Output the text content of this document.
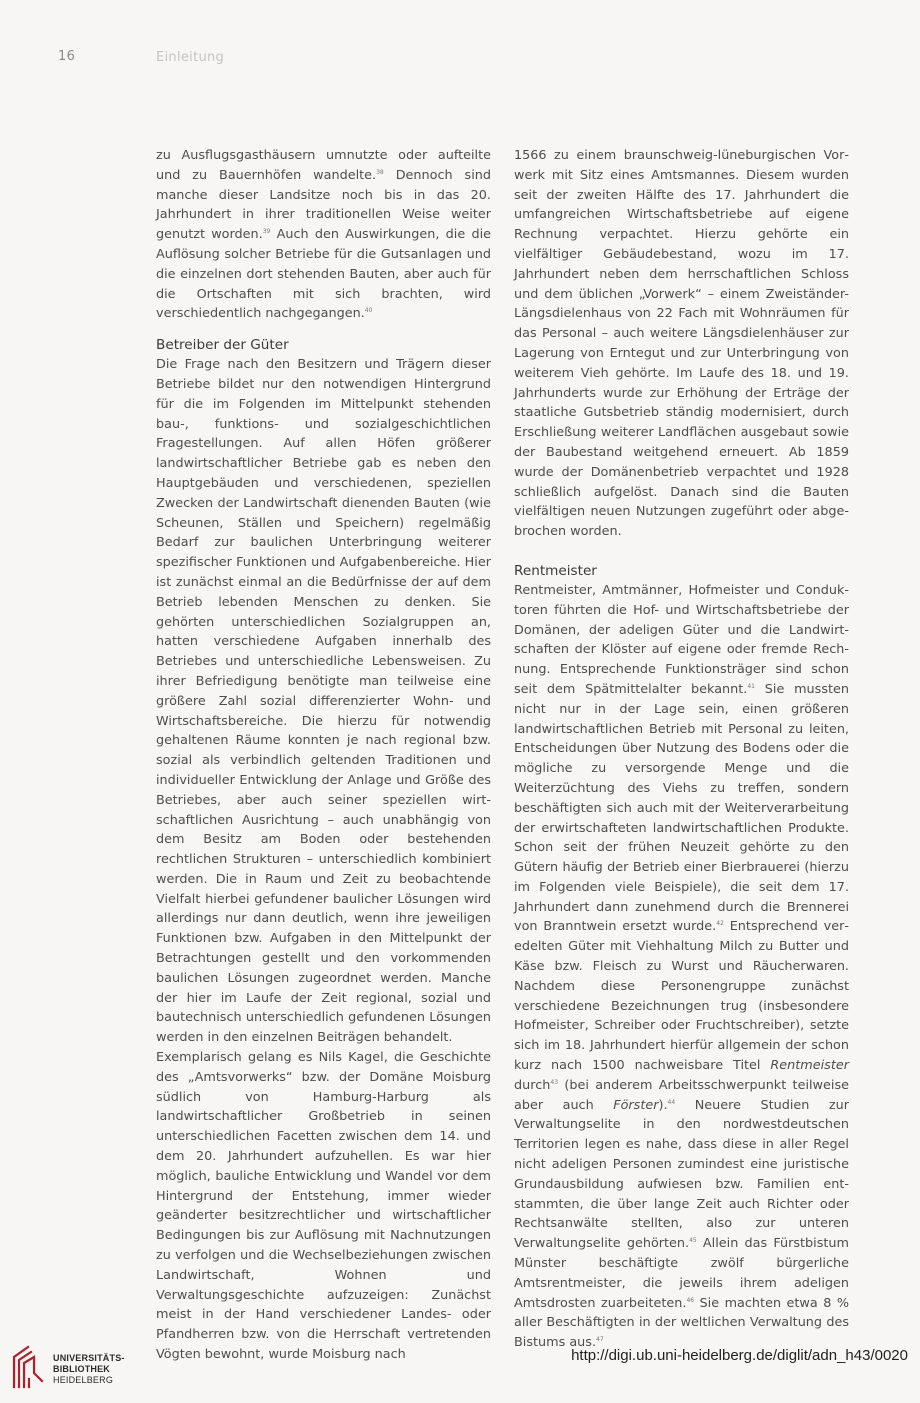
16	Einleitung

zu Ausflugsgasthäusern umnutzte oder aufteilte und zu Bauernhöfen wandelte.$^{38}$ Dennoch sind manche dieser Landsitze noch bis in das 20. Jahrhundert in ihrer traditionellen Weise weiter genutzt worden.$^{39}$ Auch den Auswirkungen, die die Auflösung solcher Betriebe für die Gutsanlagen und die einzelnen dort stehenden Bauten, aber auch für die Ortschaften mit sich brachten, wird verschiedentlich nachgegangen.$^{40}$

Betreiber der Güter

Die Frage nach den Besitzern und Trägern dieser Betriebe bildet nur den notwendigen Hintergrund für die im Folgenden im Mittelpunkt stehenden bau-, funktions- und sozialgeschichtlichen Fragestellungen. Auf allen Höfen größerer landwirtschaftlicher Betriebe gab es neben den Hauptgebäuden und verschiedenen, speziellen Zwecken der Landwirtschaft dienenden Bauten (wie Scheunen, Ställen und Speichern) regelmäßig Bedarf zur baulichen Unterbringung weiterer spezifischer Funktionen und Aufgabenbereiche. Hier ist zunächst einmal an die Bedürfnisse der auf dem Betrieb lebenden Menschen zu denken. Sie gehörten unterschiedlichen Sozialgruppen an, hatten verschiedene Aufgaben innerhalb des Betriebes und unterschiedliche Lebensweisen. Zu ihrer Befriedigung benötigte man teilweise eine größere Zahl sozial differenzierter Wohn- und Wirtschaftsbereiche. Die hierzu für notwendig gehaltenen Räume konnten je nach regional bzw. sozial als verbindlich geltenden Traditionen und individueller Entwicklung der Anlage und Größe des Betriebes, aber auch seiner speziellen wirtschaftlichen Ausrichtung – auch unabhängig von dem Besitz am Boden oder bestehenden rechtlichen Strukturen – unterschiedlich kombiniert werden. Die in Raum und Zeit zu beobachtende Vielfalt hierbei gefundener baulicher Lösungen wird allerdings nur dann deutlich, wenn ihre jeweiligen Funktionen bzw. Aufgaben in den Mittelpunkt der Betrachtungen gestellt und den vorkommenden baulichen Lösungen zugeordnet werden. Manche der hier im Laufe der Zeit regional, sozial und bautechnisch unterschiedlich gefundenen Lösungen werden in den einzelnen Beiträgen behandelt.

Exemplarisch gelang es Nils Kagel, die Geschichte des „Amtsvorwerks“ bzw. der Domäne Moisburg südlich von Hamburg-Harburg als landwirtschaftlicher Großbetrieb in seinen unterschiedlichen Facetten zwischen dem 14. und dem 20. Jahrhundert aufzuhellen. Es war hier möglich, bauliche Entwicklung und Wandel vor dem Hintergrund der Entstehung, immer wieder geänderter besitzrechtlicher und wirtschaftlicher Bedingungen bis zur Auflösung mit Nachnutzungen zu verfolgen und die Wechselbeziehungen zwischen Landwirtschaft, Wohnen und Verwaltungsgeschichte aufzuzeigen: Zunächst meist in der Hand verschiedener Landes- oder Pfandherren bzw. von die Herrschaft vertretenden Vögten bewohnt, wurde Moisburg nach

1566 zu einem braunschweig-lüneburgischen Vorwerk mit Sitz eines Amtsmannes. Diesem wurden seit der zweiten Hälfte des 17. Jahrhundert die umfangreichen Wirtschaftsbetriebe auf eigene Rechnung verpachtet. Hierzu gehörte ein vielfältiger Gebäudebestand, wozu im 17. Jahrhundert neben dem herrschaftlichen Schloss und dem üblichen „Vorwerk“ – einem Zweiständer-Längsdielenhaus von 22 Fach mit Wohnräumen für das Personal – auch weitere Längsdielenhäuser zur Lagerung von Erntegut und zur Unterbringung von weiterem Vieh gehörte. Im Laufe des 18. und 19. Jahrhunderts wurde zur Erhöhung der Erträge der staatliche Gutsbetrieb ständig modernisiert, durch Erschließung weiterer Landflächen ausgebaut sowie der Baubestand weitgehend erneuert. Ab 1859 wurde der Domänenbetrieb verpachtet und 1928 schließlich aufgelöst. Danach sind die Bauten vielfältigen neuen Nutzungen zugeführt oder abgebrochen worden.

Rentmeister

Rentmeister, Amtmänner, Hofmeister und Conduktoren führten die Hof- und Wirtschaftsbetriebe der Domänen, der adeligen Güter und die Landwirtschaften der Klöster auf eigene oder fremde Rechnung. Entsprechende Funktionsträger sind schon seit dem Spätmittelalter bekannt.$^{41}$ Sie mussten nicht nur in der Lage sein, einen größeren landwirtschaftlichen Betrieb mit Personal zu leiten, Entscheidungen über Nutzung des Bodens oder die mögliche zu versorgende Menge und die Weiterzüchtung des Viehs zu treffen, sondern beschäftigten sich auch mit der Weiterverarbeitung der erwirtschafteten landwirtschaftlichen Produkte. Schon seit der frühen Neuzeit gehörte zu den Gütern häufig der Betrieb einer Bierbrauerei (hierzu im Folgenden viele Beispiele), die seit dem 17. Jahrhundert dann zunehmend durch die Brennerei von Branntwein ersetzt wurde.$^{42}$ Entsprechend veredelten Güter mit Viehhaltung Milch zu Butter und Käse bzw. Fleisch zu Wurst und Räucherwaren. Nachdem diese Personengruppe zunächst verschiedene Bezeichnungen trug (insbesondere Hofmeister, Schreiber oder Fruchtschreiber), setzte sich im 18. Jahrhundert hierfür allgemein der schon kurz nach 1500 nachweisbare Titel Rentmeister durch$^{43}$ (bei anderem Arbeitsschwerpunkt teilweise aber auch Förster).$^{44}$ Neuere Studien zur Verwaltungselite in den nordwestdeutschen Territorien legen es nahe, dass diese in aller Regel nicht adeligen Personen zumindest eine juristische Grundausbildung aufwiesen bzw. Familien entstammten, die über lange Zeit auch Richter oder Rechtsanwälte stellten, also zur unteren Verwaltungselite gehörten.$^{45}$ Allein das Fürstbistum Münster beschäftigte zwölf bürgerliche Amtsrentmeister, die jeweils ihrem adeligen Amtsdrosten zuarbeiteten.$^{46}$ Sie machten etwa 8 % aller Beschäftigten in der weltlichen Verwaltung des Bistums aus.$^{47}$

UNIVERSITÄTS-
BIBLIOTHEK
HEIDELBERG
http://digi.ub.uni-heidelberg.de/diglit/adn_h43/0020
